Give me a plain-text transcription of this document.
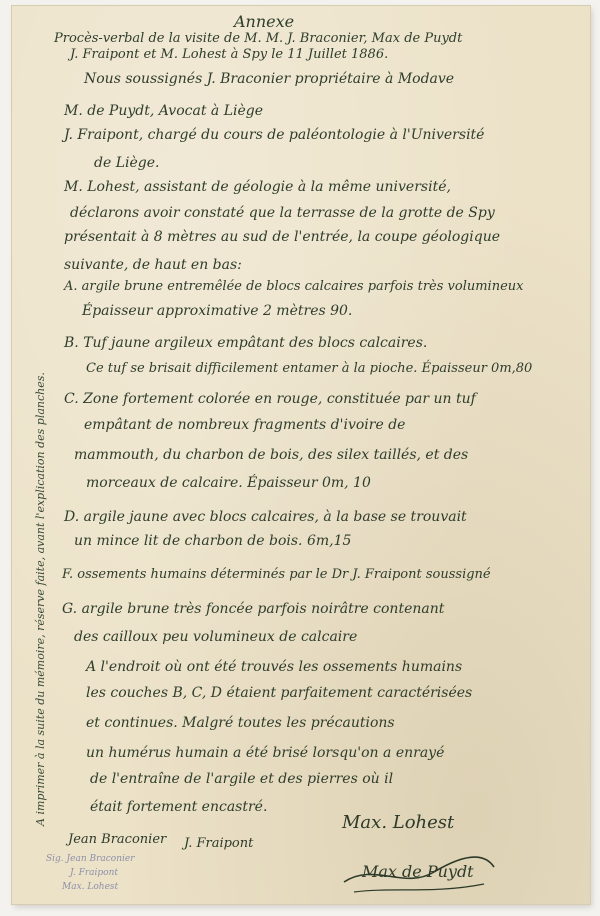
Annexe
Procès-verbal de la visite de M. M. J. Braconier, Max de Puydt
J. Fraipont et M. Lohest à Spy le 11 Juillet 1886.
A imprimer à la suite du mémoire, réserve faite, avant l'explication des planches.
Nous soussignés J. Braconier propriétaire à Modave
M. de Puydt, Avocat à Liège
J. Fraipont, chargé du cours de paléontologie à l'Université
de Liège.
M. Lohest, assistant de géologie à la même université,
déclarons avoir constaté que la terrasse de la grotte de Spy
présentait à 8 mètres au sud de l'entrée, la coupe géologique
suivante, de haut en bas:
A. argile brune entremêlée de blocs calcaires parfois très volumineux
Épaisseur approximative 2 mètres 90.
B. Tuf jaune argileux empâtant des blocs calcaires.
Ce tuf se brisait difficilement entamer à la pioche. Épaisseur 0m,80
C. Zone fortement colorée en rouge, constituée par un tuf
empâtant de nombreux fragments d'ivoire de
mammouth, du charbon de bois, des silex taillés, et des
morceaux de calcaire. Épaisseur 0m, 10
D. argile jaune avec blocs calcaires, à la base se trouvait
un mince lit de charbon de bois. 6m,15
F. ossements humains déterminés par le Dr J. Fraipont soussigné
G. argile brune très foncée parfois noirâtre contenant
des cailloux peu volumineux de calcaire
A l'endroit où ont été trouvés les ossements humains
les couches B, C, D étaient parfaitement caractérisées
et continues. Malgré toutes les précautions
un humérus humain a été brisé lorsqu'on a enrayé
de l'entraîne de l'argile et des pierres où il
était fortement encastré.
Max. Lohest
Max de Puydt
Jean Braconier J. Fraipont
Sig. Jean Braconier
J. Fraipont
Max. Lohest
